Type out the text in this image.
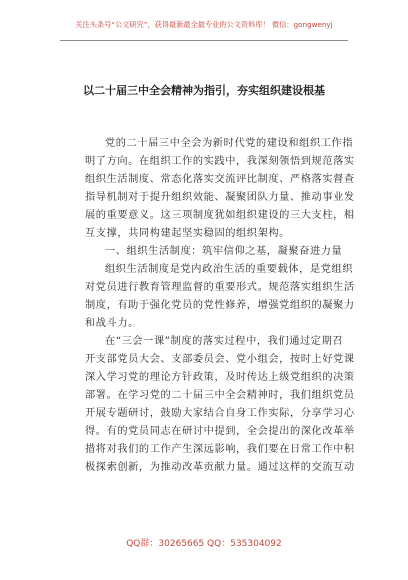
关注头条号“公文研究”，获得最新最全最专业的公文资料库！ 微信：gongwenyj
以二十届三中全会精神为指引，夯实组织建设根基
党的二十届三中全会为新时代党的建设和组织工作指
明了方向。在组织工作的实践中，我深刻领悟到规范落实
组织生活制度、常态化落实交流评比制度、严格落实督查
指导机制对于提升组织效能、凝聚团队力量、推动事业发
展的重要意义。这三项制度犹如组织建设的三大支柱，相
互支撑，共同构建起坚实稳固的组织架构。
一、组织生活制度：筑牢信仰之基，凝聚奋进力量
组织生活制度是党内政治生活的重要载体，是党组织
对党员进行教育管理监督的重要形式。规范落实组织生活
制度，有助于强化党员的党性修养，增强党组织的凝聚力
和战斗力。
在“三会一课”制度的落实过程中，我们通过定期召
开支部党员大会、支部委员会、党小组会，按时上好党课
深入学习党的理论方针政策，及时传达上级党组织的决策
部署。在学习党的二十届三中全会精神时，我们组织党员
开展专题研讨，鼓励大家结合自身工作实际，分享学习心
得。有的党员同志在研讨中提到，全会提出的深化改革举
措将对我们的工作产生深远影响，我们要在日常工作中积
极探索创新，为推动改革贡献力量。通过这样的交流互动
QQ群：30265665 QQ：535304092
